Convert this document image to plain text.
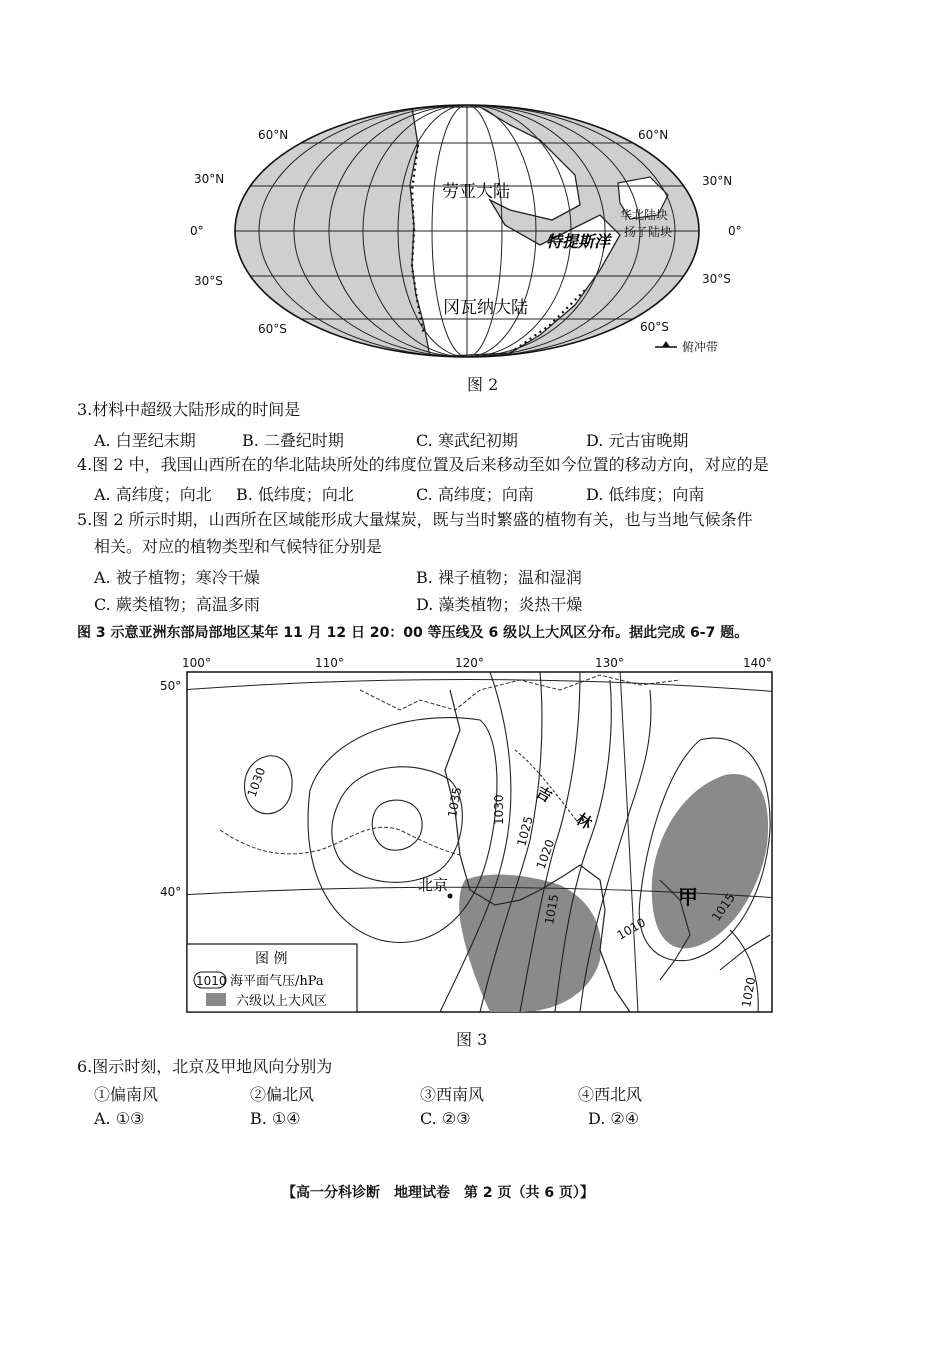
60°N
30°N
0°
30°S
60°S
60°N
30°N
0°
30°S
60°S
劳亚大陆
冈瓦纳大陆
特提斯洋
华北陆块
扬子陆块
俯冲带
图 2
3.材料中超级大陆形成的时间是
A. 白垩纪末期	B. 二叠纪时期	C. 寒武纪初期	D. 元古宙晚期
4.图 2 中，我国山西所在的华北陆块所处的纬度位置及后来移动至如今位置的移动方向，对应的是
A. 高纬度；向北 B. 低纬度；向北	C. 高纬度；向南	D. 低纬度；向南
5.图 2 所示时期，山西所在区域能形成大量煤炭，既与当时繁盛的植物有关，也与当地气候条件
相关。对应的植物类型和气候特征分别是
A. 被子植物；寒冷干燥	B. 裸子植物；温和湿润
C. 蕨类植物；高温多雨	D. 藻类植物；炎热干燥
图 3 示意亚洲东部局部地区某年 11 月 12 日 20：00 等压线及 6 级以上大风区分布。据此完成 6-7 题。
100°	110°	120°	130°	140°
50°
40°
1030
1035 1030
1025
1020
1015
1010
1015
1020
吉
林
北京	甲
图 例
1010 海平面气压/hPa
六级以上大风区
图 3
6.图示时刻，北京及甲地风向分别为
①偏南风	②偏北风	③西南风	④西北风
A. ①③	B. ①④	C. ②③	D. ②④
【高一分科诊断　地理试卷　第 2 页（共 6 页）】
